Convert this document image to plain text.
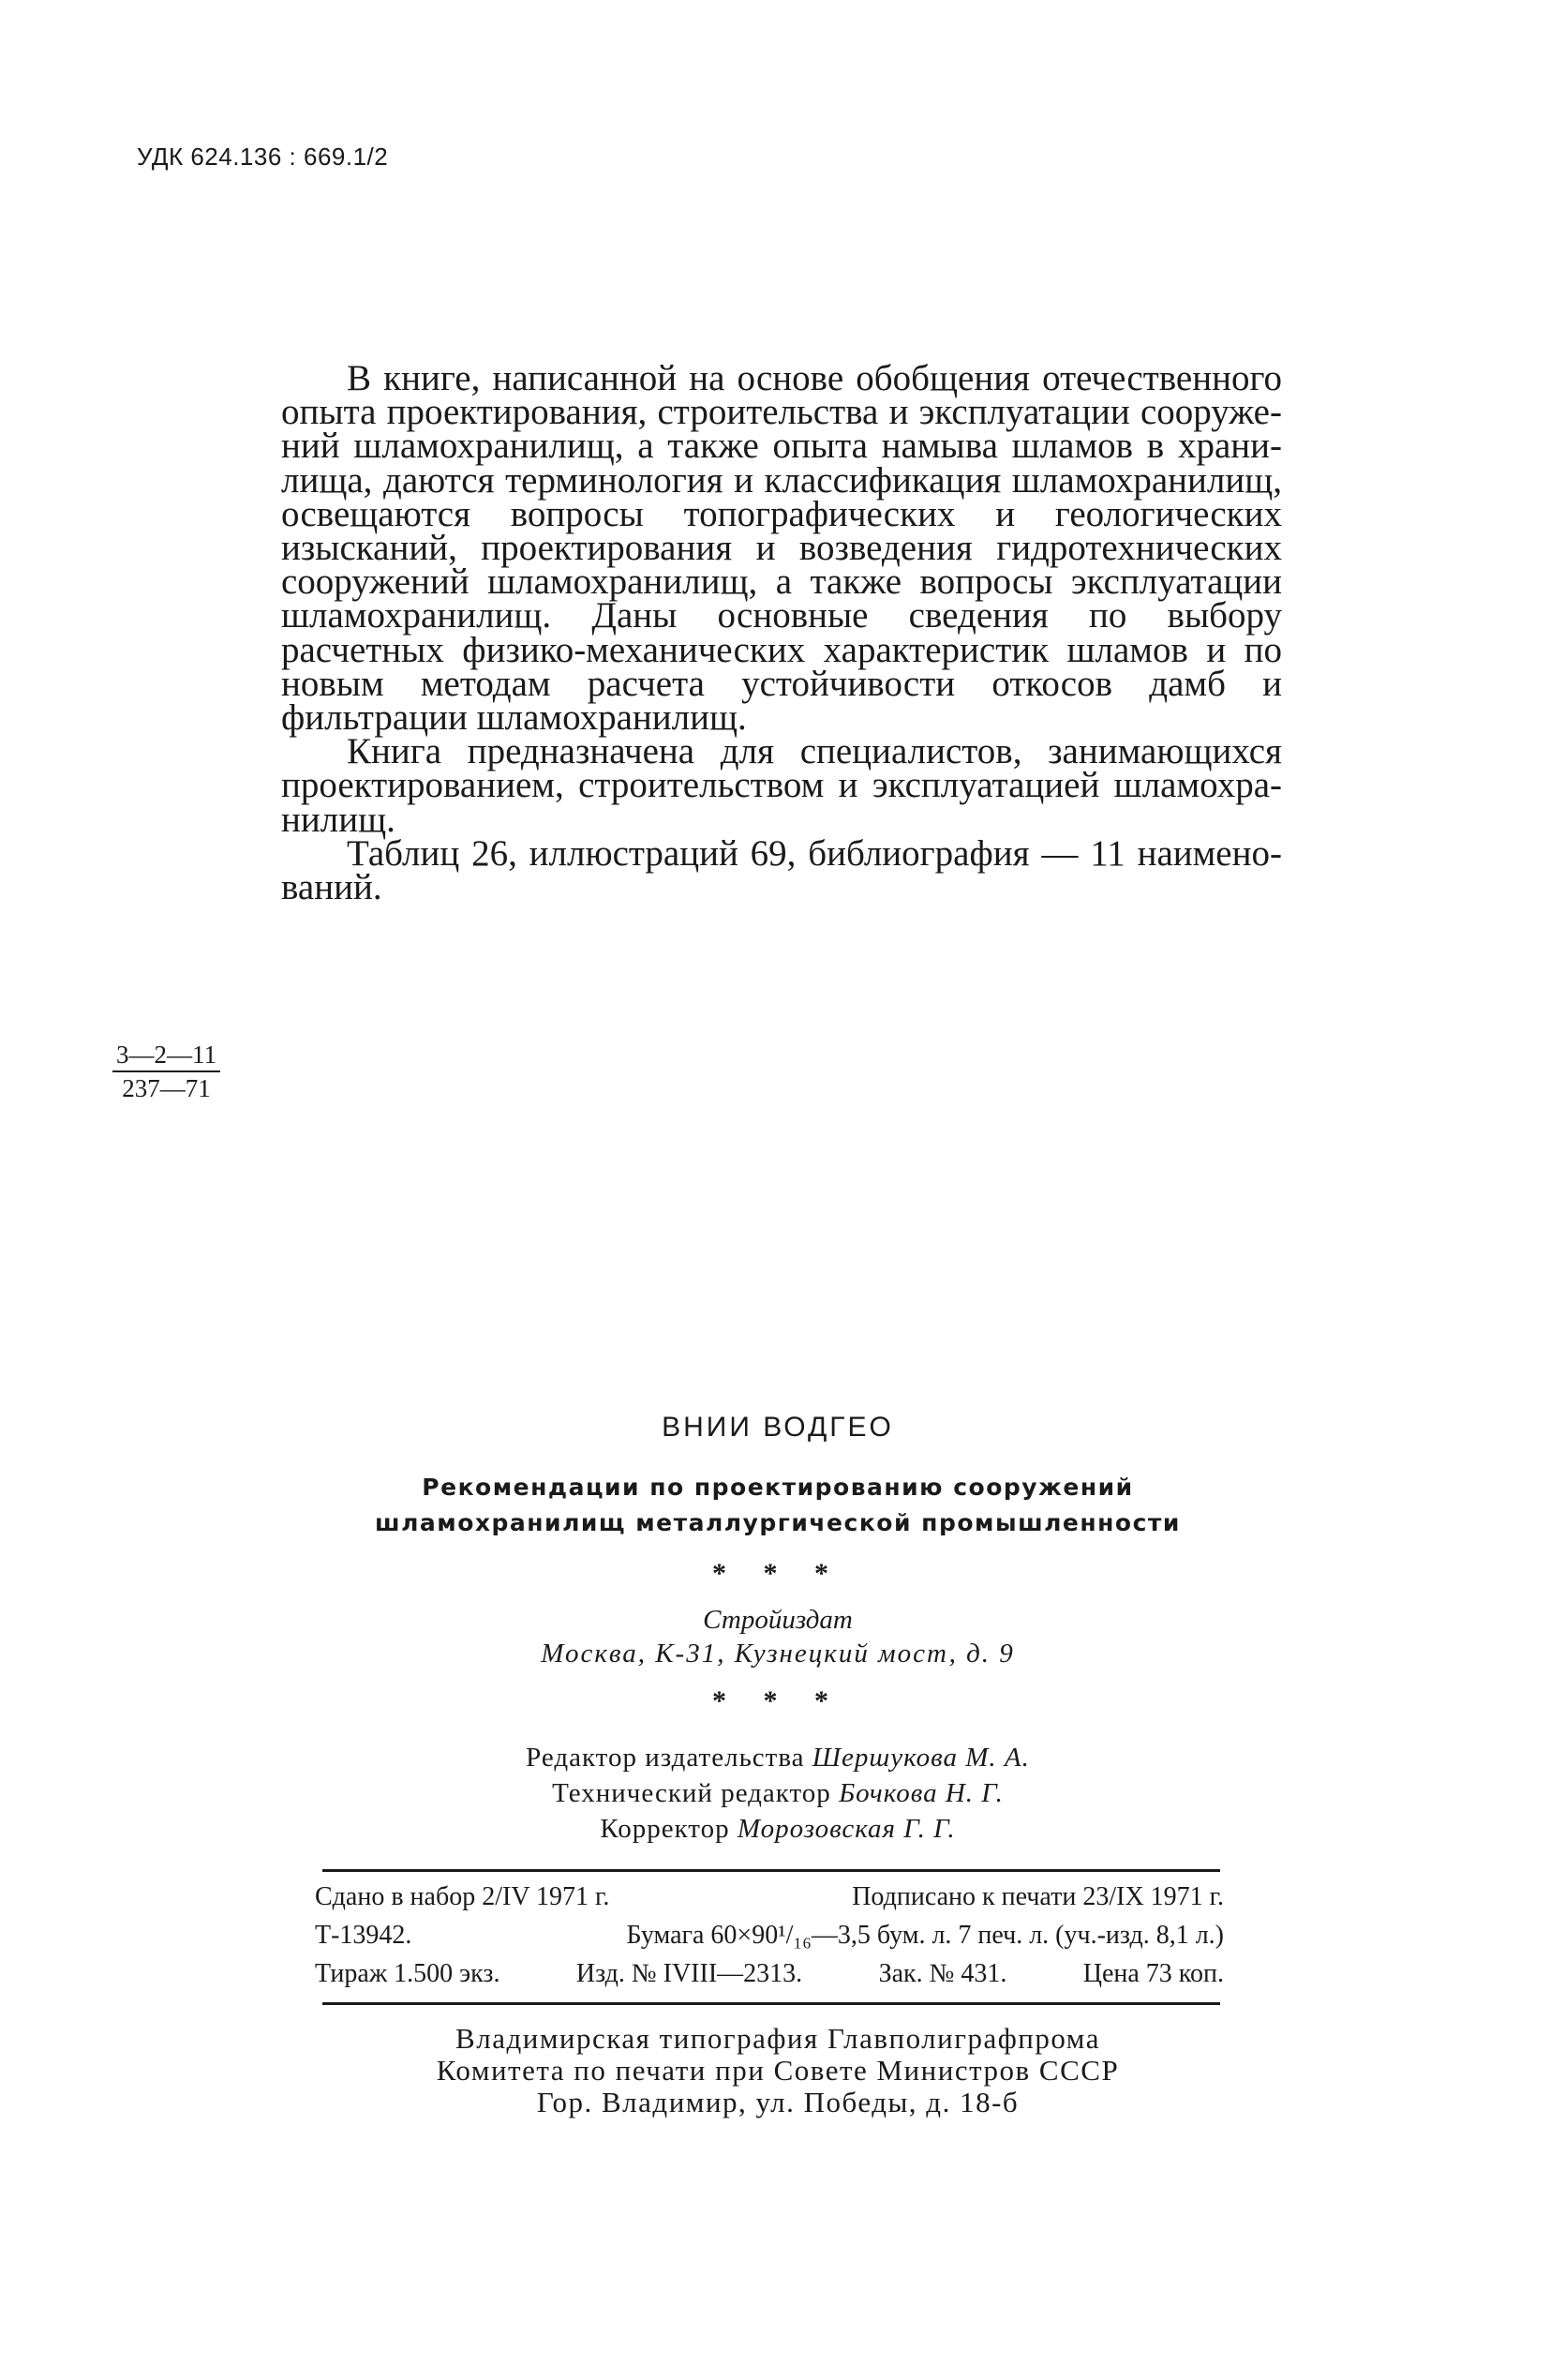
УДК 624.136 : 669.1/2

В книге, написанной на основе обобщения отечественного опыта проектирования, строительства и эксплуатации сооружений шламохранилищ, а также опыта намыва шламов в хранилища, даются терминология и классификация шламохранилищ, освещаются вопросы топографических и геологических изысканий, проектирования и возведения гидротехнических сооружений шламохранилищ, а также вопросы эксплуатации шламохранилищ. Даны основные сведения по выбору расчетных физико-механических характеристик шламов и по новым методам расчета устойчивости откосов дамб и фильтрации шламохранилищ.

Книга предназначена для специалистов, занимающихся проектированием, строительством и эксплуатацией шламохранилищ.

Таблиц 26, иллюстраций 69, библиография — 11 наименований.

$\frac{3—2—11}{237—71}$
ВНИИ ВОДГЕО
Рекомендации по проектированию сооружений
шламохранилищ металлургической промышленности
* * *
Стройиздат
Москва, К-31, Кузнецкий мост, д. 9
* * *
Редактор издательства Шершукова М. А.
Технический редактор Бочкова Н. Г.
Корректор Морозовская Г. Г.
Сдано в набор 2/IV 1971 г.	Подписано к печати 23/IX 1971 г.
Т-13942.	Бумага 60×90¹/₁₆—3,5 бум. л. 7 печ. л. (уч.-изд. 8,1 л.)
Тираж 1.500 экз.	Изд. № IVIII—2313.	Зак. № 431.	Цена 73 коп.
Владимирская типография Главполиграфпрома
Комитета по печати при Совете Министров СССР
Гор. Владимир, ул. Победы, д. 18-б
